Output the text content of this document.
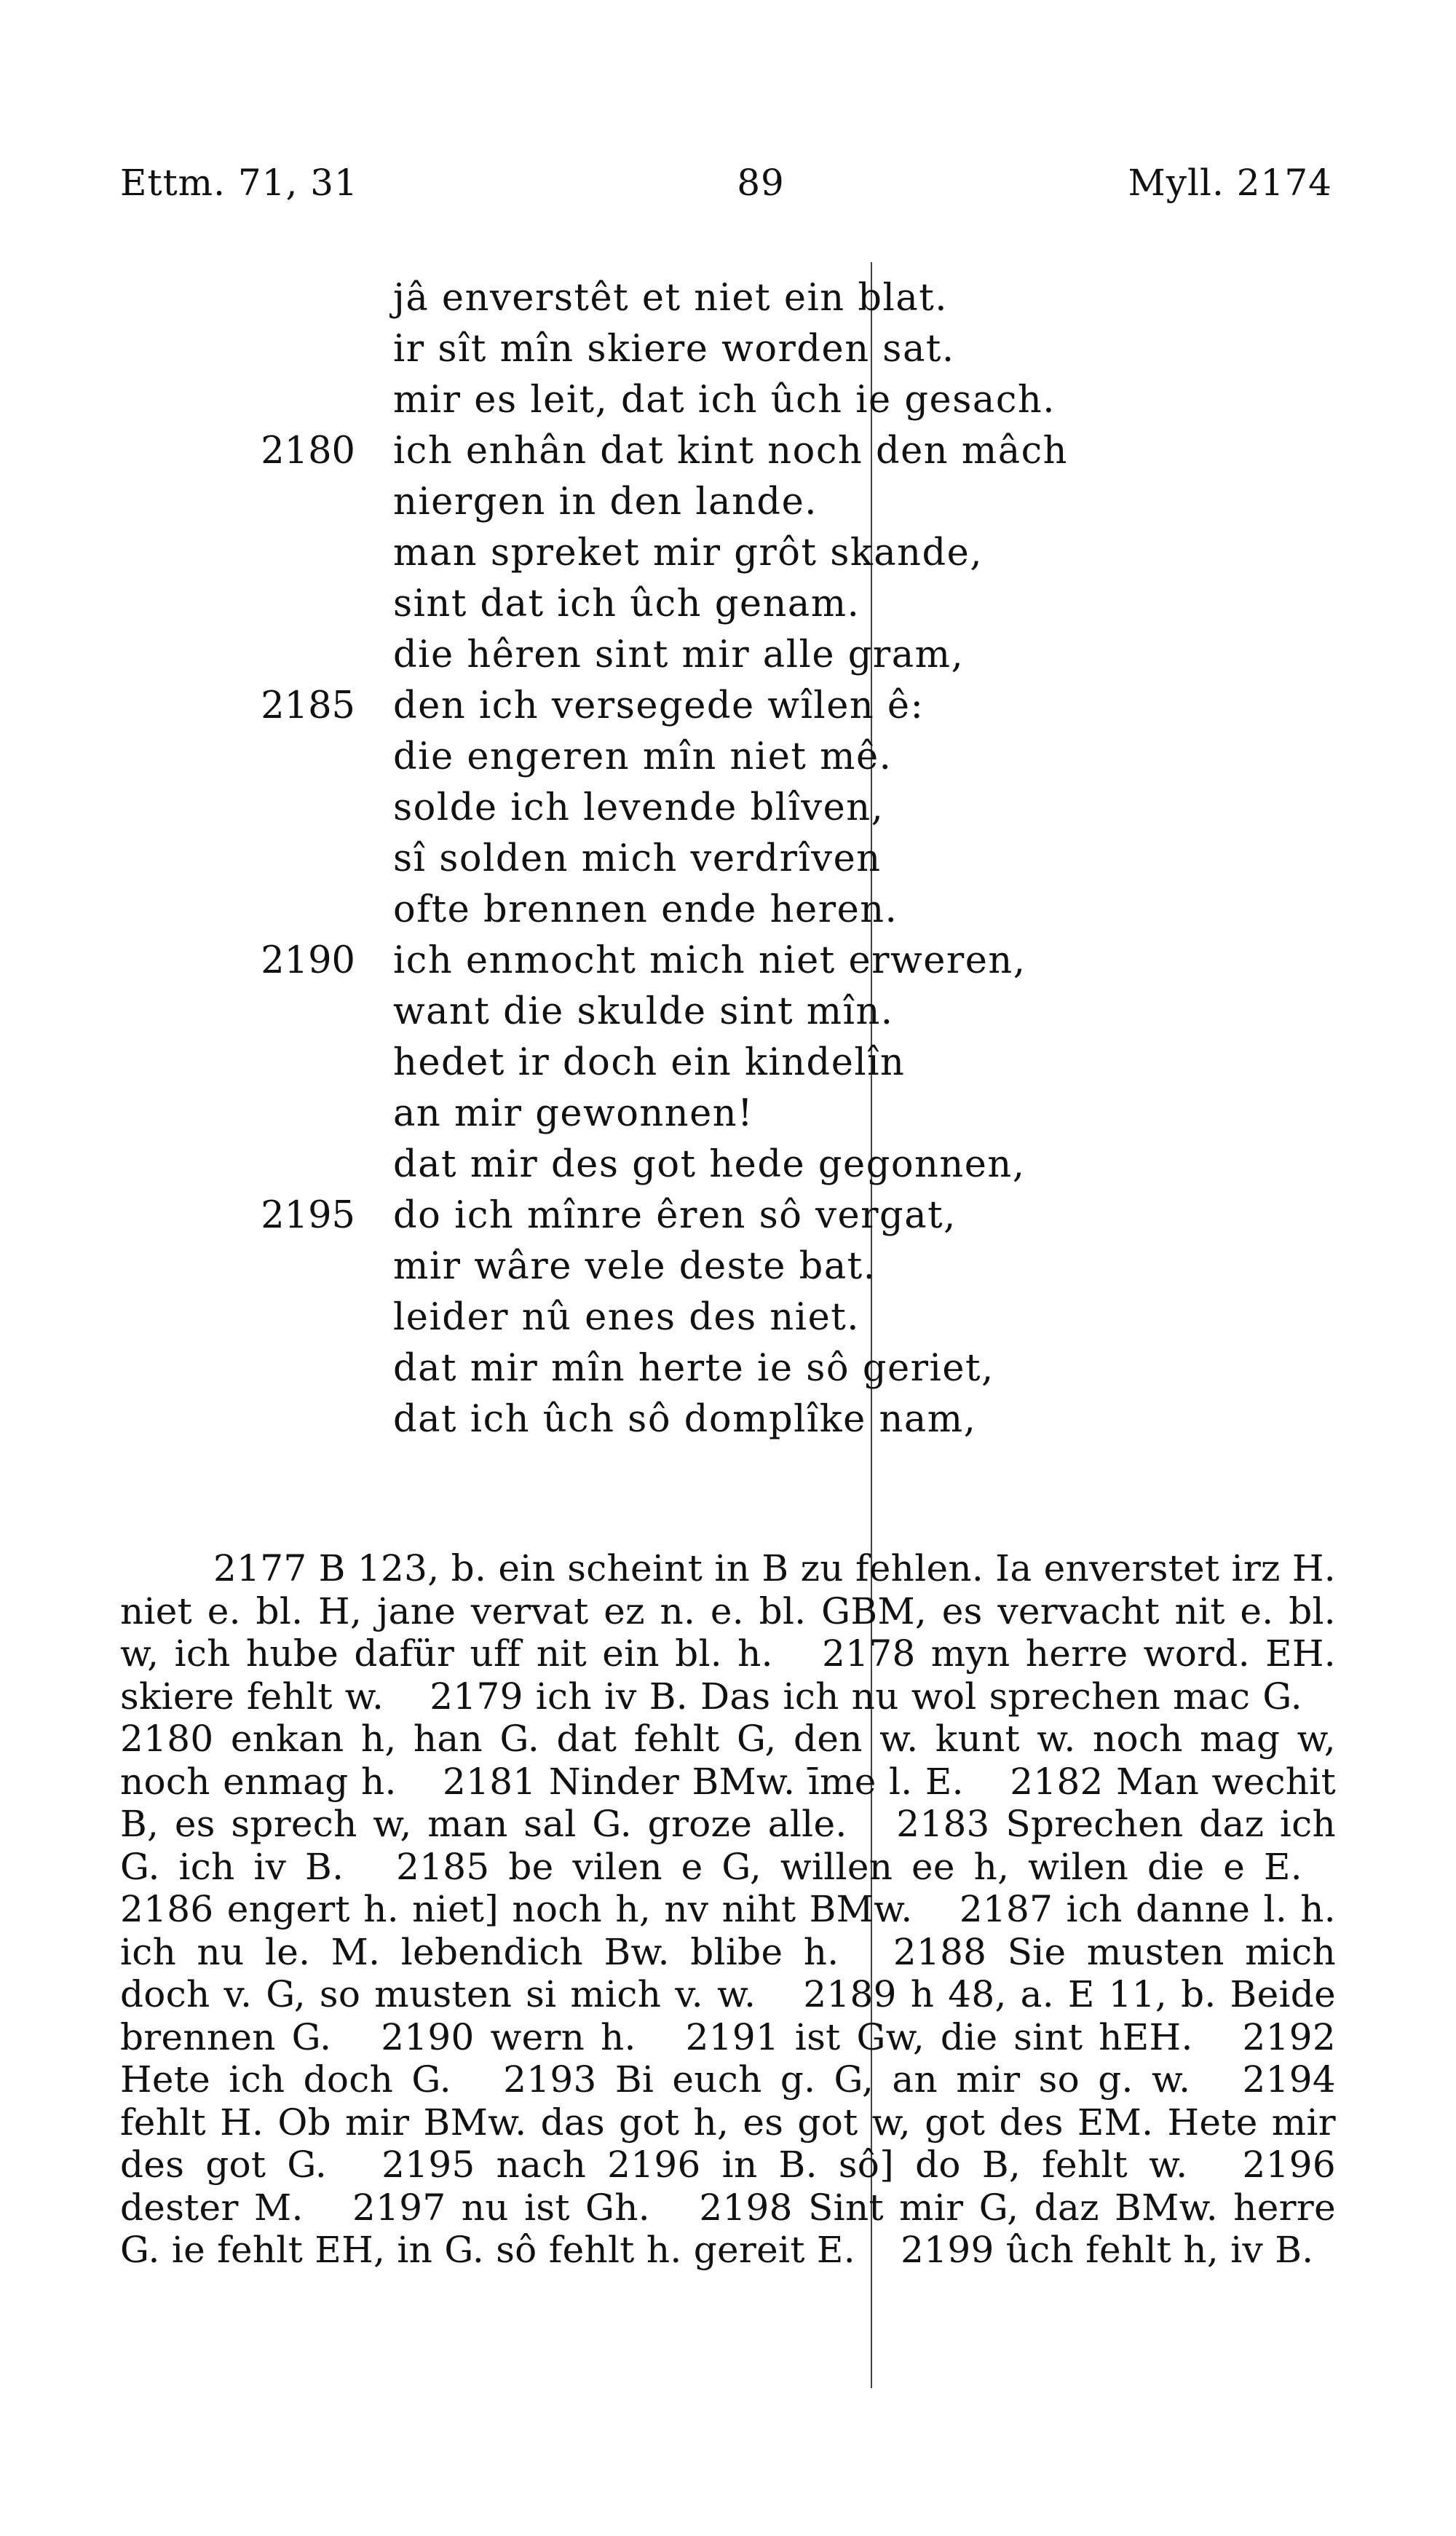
Ettm. 71, 31	89	Myll. 2174
jâ enverstêt et niet ein blat.
ir sît mîn skiere worden sat.
mir es leit, dat ich ûch ie gesach.
2180 ich enhân dat kint noch den mâch
niergen in den lande.
man spreket mir grôt skande,
sint dat ich ûch genam.
die hêren sint mir alle gram,
2185 den ich versegede wîlen ê:
die engeren mîn niet mê.
solde ich levende blîven,
sî solden mich verdrîven
ofte brennen ende heren.
2190 ich enmocht mich niet erweren,
want die skulde sint mîn.
hedet ir doch ein kindelîn
an mir gewonnen!
dat mir des got hede gegonnen,
2195 do ich mînre êren sô vergat,
mir wâre vele deste bat.
leider nû enes des niet.
dat mir mîn herte ie sô geriet,
dat ich ûch sô domplîke nam,

2177 B 123, b. ein scheint in B zu fehlen. Ia enverstet irz H. niet e. bl. H, jane vervat ez n. e. bl. GBM, es vervacht nit e. bl. w, ich hube dafür uff nit ein bl. h. 2178 myn herre word. EH. skiere fehlt w. 2179 ich iv B. Das ich nu wol sprechen mac G. 2180 enkan h, han G. dat fehlt G, den w. kunt w. noch mag w, noch enmag h. 2181 Ninder BMw. īme l. E. 2182 Man wechit B, es sprech w, man sal G. groze alle. 2183 Sprechen daz ich G. ich iv B. 2185 be vilen e G, willen ee h, wilen die e E. 2186 engert h. niet] noch h, nv niht BMw. 2187 ich danne l. h. ich nu le. M. lebendich Bw. blibe h. 2188 Sie musten mich doch v. G, so musten si mich v. w. 2189 h 48, a. E 11, b. Beide brennen G. 2190 wern h. 2191 ist Gw, die sint hEH. 2192 Hete ich doch G. 2193 Bi euch g. G, an mir so g. w. 2194 fehlt H. Ob mir BMw. das got h, es got w, got des EM. Hete mir des got G. 2195 nach 2196 in B. sô] do B, fehlt w. 2196 dester M. 2197 nu ist Gh. 2198 Sint mir G, daz BMw. herre G. ie fehlt EH, in G. sô fehlt h. gereit E. 2199 ûch fehlt h, iv B.
